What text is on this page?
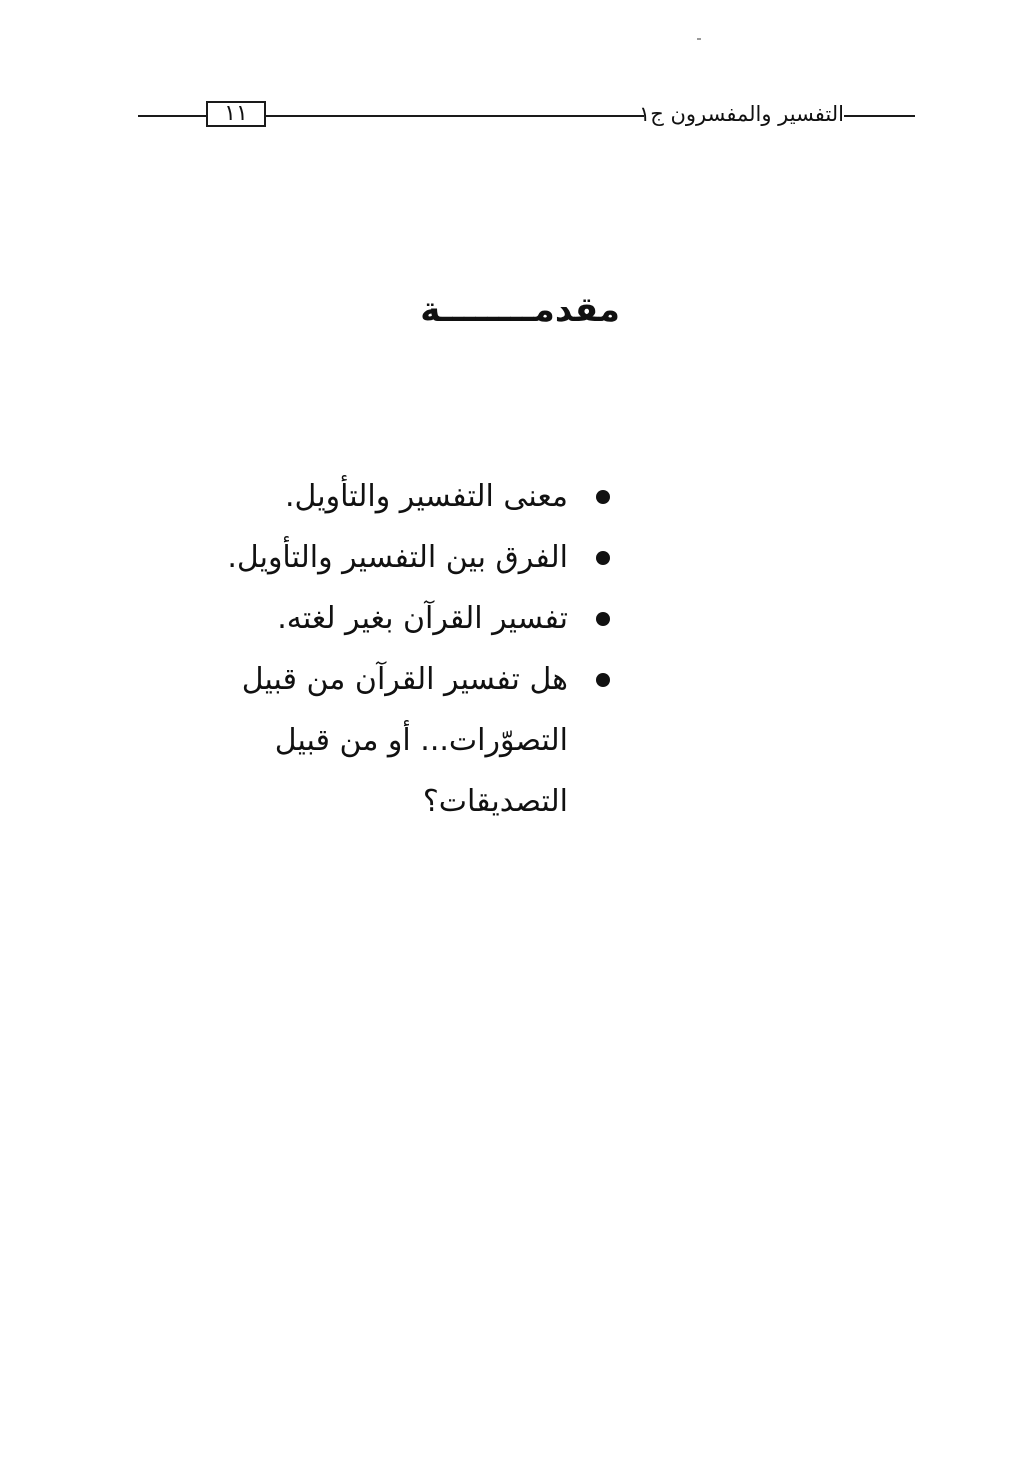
١١	التفسير والمفسرون ج١
مقدمــــــــة
معنى التفسير والتأويل.
الفرق بين التفسير والتأويل.
تفسير القرآن بغير لغته.
هل تفسير القرآن من قبيل
التصوّرات... أو من قبيل
التصديقات؟
